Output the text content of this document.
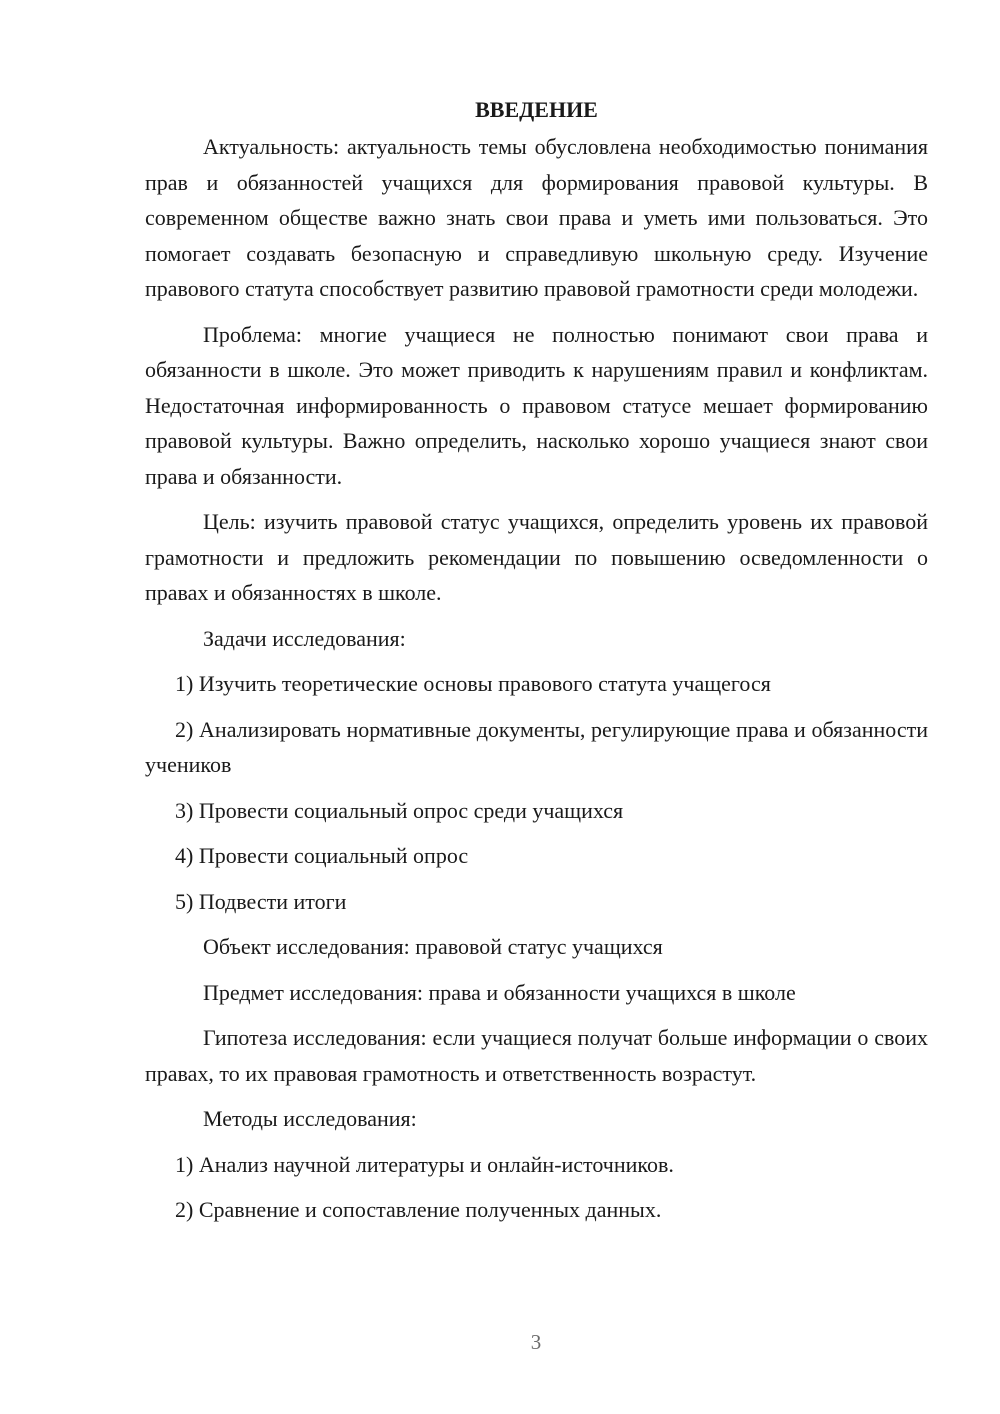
ВВЕДЕНИЕ
Актуальность: актуальность темы обусловлена необходимостью понимания прав и обязанностей учащихся для формирования правовой культуры. В современном обществе важно знать свои права и уметь ими пользоваться. Это помогает создавать безопасную и справедливую школьную среду. Изучение правового статута способствует развитию правовой грамотности среди молодежи.
Проблема: многие учащиеся не полностью понимают свои права и обязанности в школе. Это может приводить к нарушениям правил и конфликтам. Недостаточная информированность о правовом статусе мешает формированию правовой культуры. Важно определить, насколько хорошо учащиеся знают свои права и обязанности.
Цель: изучить правовой статус учащихся, определить уровень их правовой грамотности и предложить рекомендации по повышению осведомленности о правах и обязанностях в школе.
Задачи исследования:
1) Изучить теоретические основы правового статута учащегося
2) Анализировать нормативные документы, регулирующие права и обязанности учеников
3) Провести социальный опрос среди учащихся
4) Провести социальный опрос
5) Подвести итоги
Объект исследования: правовой статус учащихся
Предмет исследования: права и обязанности учащихся в школе
Гипотеза исследования: если учащиеся получат больше информации о своих правах, то их правовая грамотность и ответственность возрастут.
Методы исследования:
1) Анализ научной литературы и онлайн-источников.
2) Сравнение и сопоставление полученных данных.
3
